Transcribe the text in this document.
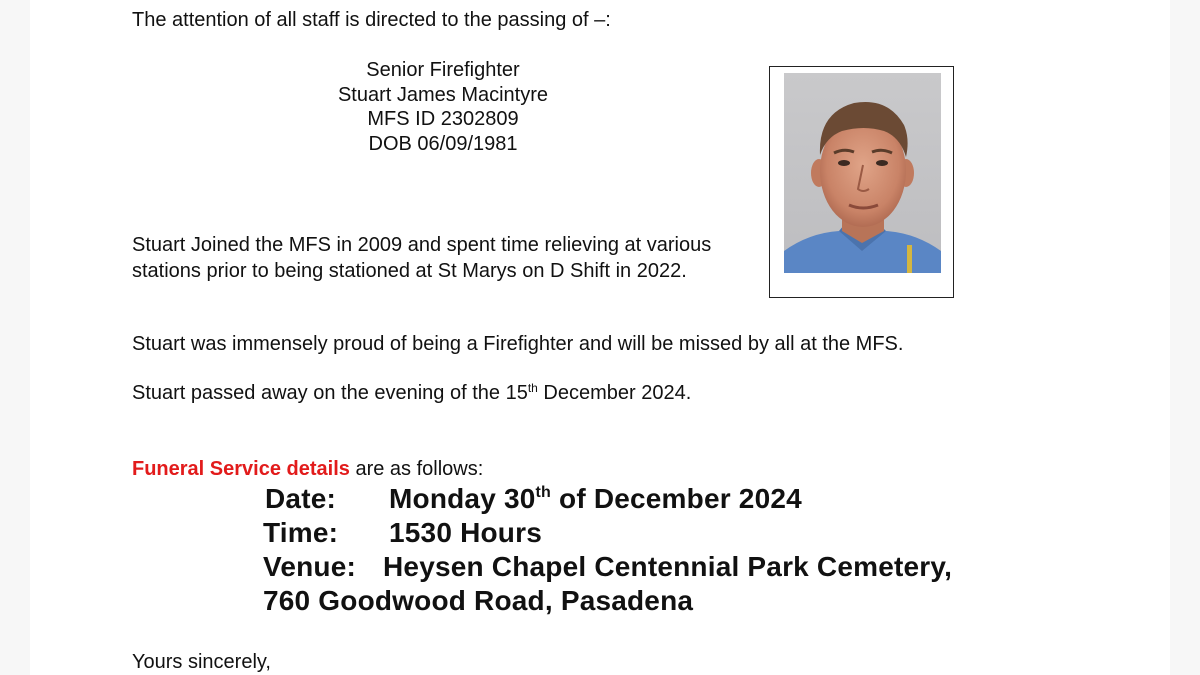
The attention of all staff is directed to the passing of –:

Senior Firefighter
Stuart James Macintyre
MFS ID 2302809
DOB 06/09/1981

Stuart Joined the MFS in 2009 and spent time relieving at various stations prior to being stationed at St Marys on D Shift in 2022.

Stuart was immensely proud of being a Firefighter and will be missed by all at the MFS.

Stuart passed away on the evening of the 15th December 2024.

Funeral Service details are as follows:

Date: Monday 30th of December 2024
Time: 1530 Hours
Venue: Heysen Chapel Centennial Park Cemetery,
760 Goodwood Road, Pasadena

Yours sincerely,
